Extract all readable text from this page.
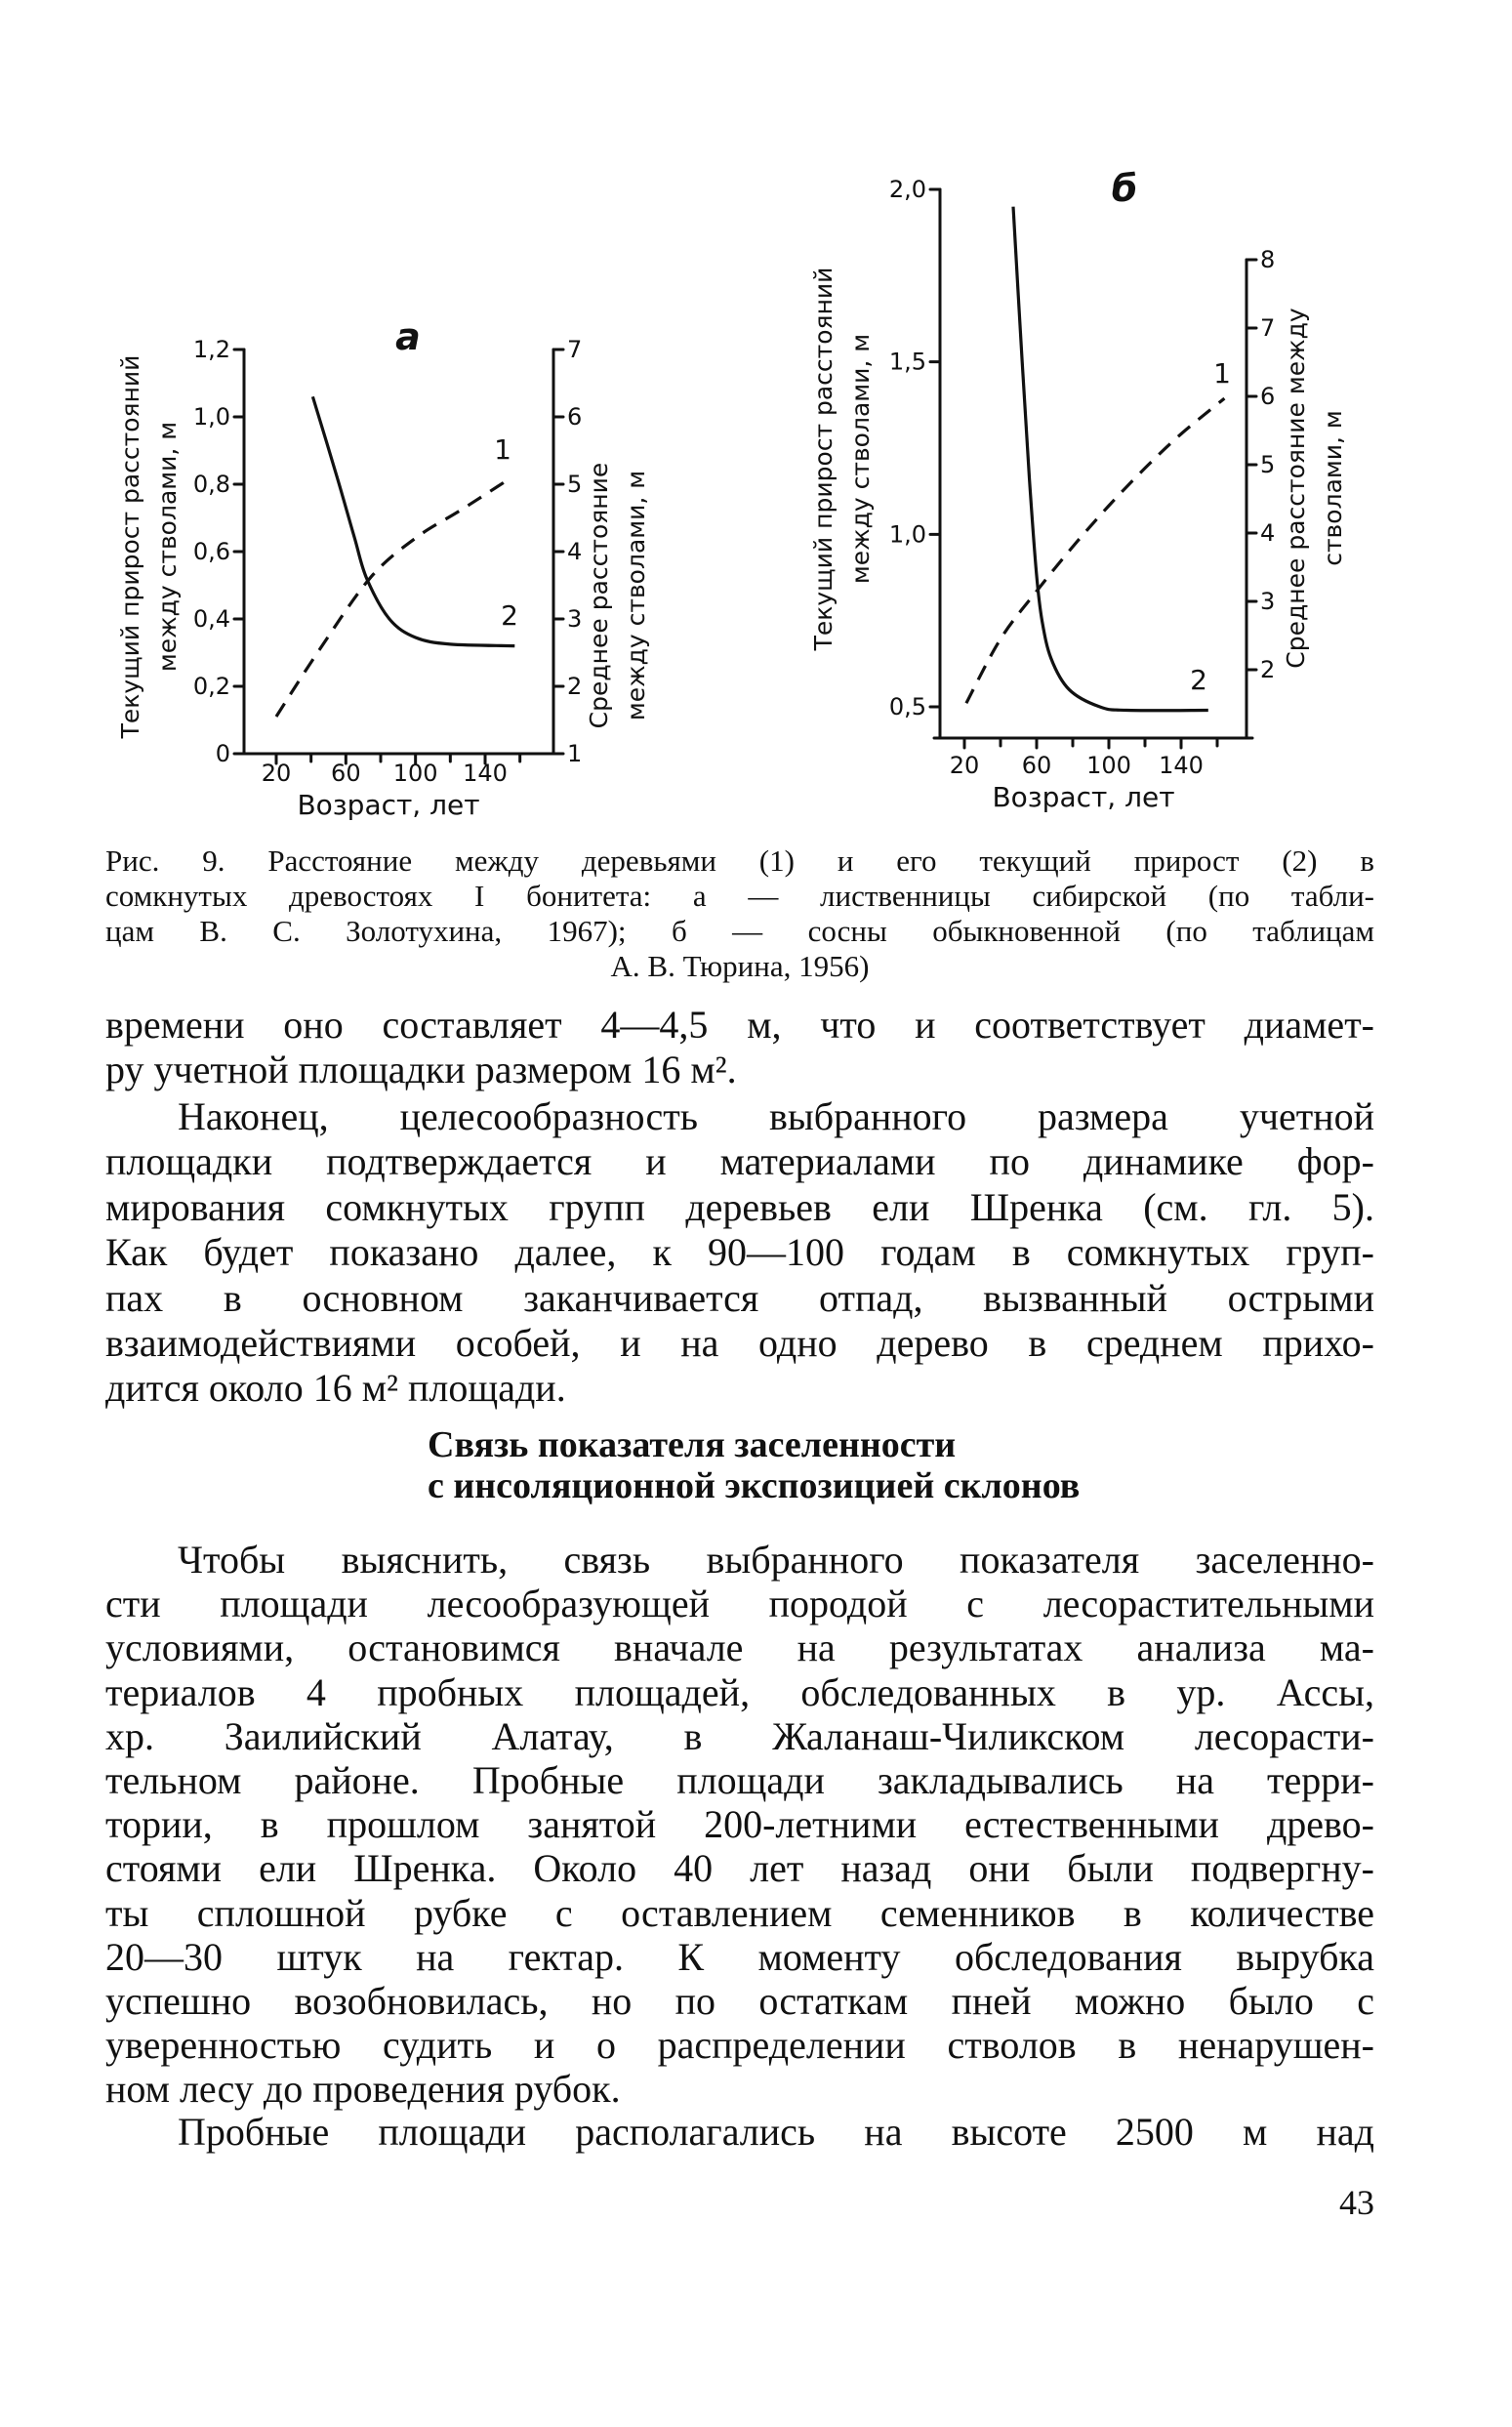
0
0,2
0,4
0,6
0,8
1,0
1,2
1
2
3
4
5
6
7
20 60 100 140
Возраст, лет
Текущий прирост расстояний между стволами, м	Среднее расстояние между стволами, м
а
1
2
0,5
1,0
1,5
2,0
2
3
4
5
6
7
8
20 60 100 140
Возраст, лет
Текущий прирост расстояний между стволами, м	Среднее расстояние между стволами, м
б
1
2
Рис. 9. Расстояние между деревьями (1) и его текущий прирост (2) в
сомкнутых древостоях I бонитета: а — лиственницы сибирской (по табли-
цам В. С. Золотухина, 1967); б — сосны обыкновенной (по таблицам
А. В. Тюрина, 1956)
времени оно составляет 4—4,5 м, что и соответствует диамет-
ру учетной площадки размером 16 м².
Наконец, целесообразность выбранного размера учетной
площадки подтверждается и материалами по динамике фор-
мирования сомкнутых групп деревьев ели Шренка (см. гл. 5).
Как будет показано далее, к 90—100 годам в сомкнутых груп-
пах в основном заканчивается отпад, вызванный острыми
взаимодействиями особей, и на одно дерево в среднем прихо-
дится около 16 м² площади.
Связь показателя заселенности
с инсоляционной экспозицией склонов
Чтобы выяснить, связь выбранного показателя заселенно-
сти площади лесообразующей породой с лесорастительными
условиями, остановимся вначале на результатах анализа ма-
териалов 4 пробных площадей, обследованных в ур. Ассы,
хр. Заилийский Алатау, в Жаланаш-Чиликском лесорасти-
тельном районе. Пробные площади закладывались на терри-
тории, в прошлом занятой 200-летними естественными древо-
стоями ели Шренка. Около 40 лет назад они были подвергну-
ты сплошной рубке с оставлением семенников в количестве
20—30 штук на гектар. К моменту обследования вырубка
успешно возобновилась, но по остаткам пней можно было с
уверенностью судить и о распределении стволов в ненарушен-
ном лесу до проведения рубок.
Пробные площади располагались на высоте 2500 м над
43
